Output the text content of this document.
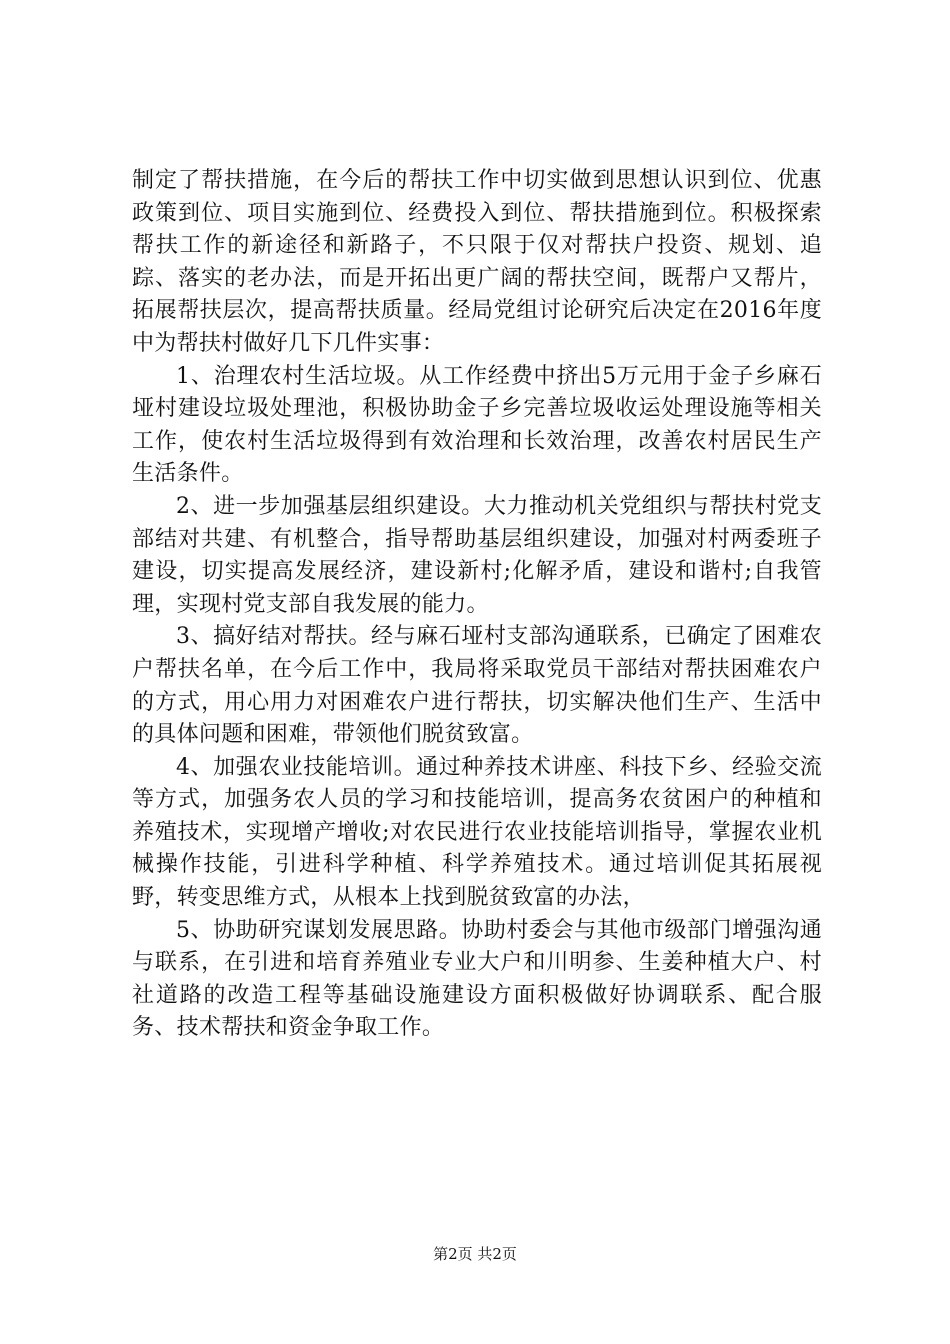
制定了帮扶措施，在今后的帮扶工作中切实做到思想认识到位、优惠政策到位、项目实施到位、经费投入到位、帮扶措施到位。积极探索帮扶工作的新途径和新路子，不只限于仅对帮扶户投资、规划、追踪、落实的老办法，而是开拓出更广阔的帮扶空间，既帮户又帮片，拓展帮扶层次，提高帮扶质量。经局党组讨论研究后决定在2016年度中为帮扶村做好几下几件实事：

1、治理农村生活垃圾。从工作经费中挤出5万元用于金子乡麻石垭村建设垃圾处理池，积极协助金子乡完善垃圾收运处理设施等相关工作，使农村生活垃圾得到有效治理和长效治理，改善农村居民生产生活条件。

2、进一步加强基层组织建设。大力推动机关党组织与帮扶村党支部结对共建、有机整合，指导帮助基层组织建设，加强对村两委班子建设，切实提高发展经济，建设新村;化解矛盾，建设和谐村;自我管理，实现村党支部自我发展的能力。

3、搞好结对帮扶。经与麻石垭村支部沟通联系，已确定了困难农户帮扶名单，在今后工作中，我局将采取党员干部结对帮扶困难农户的方式，用心用力对困难农户进行帮扶，切实解决他们生产、生活中的具体问题和困难，带领他们脱贫致富。

4、加强农业技能培训。通过种养技术讲座、科技下乡、经验交流等方式，加强务农人员的学习和技能培训，提高务农贫困户的种植和养殖技术，实现增产增收;对农民进行农业技能培训指导，掌握农业机械操作技能，引进科学种植、科学养殖技术。通过培训促其拓展视野，转变思维方式，从根本上找到脱贫致富的办法，

5、协助研究谋划发展思路。协助村委会与其他市级部门增强沟通与联系，在引进和培育养殖业专业大户和川明参、生姜种植大户、村社道路的改造工程等基础设施建设方面积极做好协调联系、配合服务、技术帮扶和资金争取工作。

第2页 共2页
